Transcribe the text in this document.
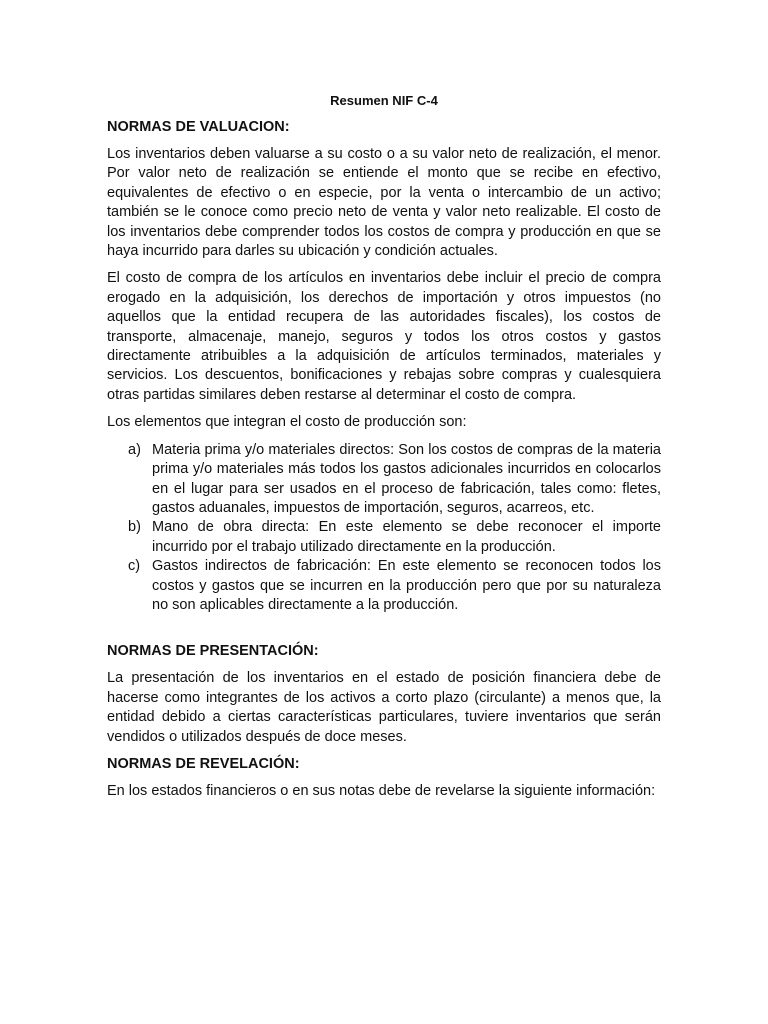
Resumen NIF C-4
NORMAS DE VALUACION:

Los inventarios deben valuarse a su costo o a su valor neto de realización, el menor. Por valor neto de realización se entiende el monto que se recibe en efectivo, equivalentes de efectivo o en especie, por la venta o intercambio de un activo; también se le conoce como precio neto de venta y valor neto realizable. El costo de los inventarios debe comprender todos los costos de compra y producción en que se haya incurrido para darles su ubicación y condición actuales.

El costo de compra de los artículos en inventarios debe incluir el precio de compra erogado en la adquisición, los derechos de importación y otros impuestos (no aquellos que la entidad recupera de las autoridades fiscales), los costos de transporte, almacenaje, manejo, seguros y todos los otros costos y gastos directamente atribuibles a la adquisición de artículos terminados, materiales y servicios. Los descuentos, bonificaciones y rebajas sobre compras y cualesquiera otras partidas similares deben restarse al determinar el costo de compra.

Los elementos que integran el costo de producción son:

a) Materia prima y/o materiales directos: Son los costos de compras de la materia prima y/o materiales más todos los gastos adicionales incurridos en colocarlos en el lugar para ser usados en el proceso de fabricación, tales como: fletes, gastos aduanales, impuestos de importación, seguros, acarreos, etc.
b) Mano de obra directa: En este elemento se debe reconocer el importe incurrido por el trabajo utilizado directamente en la producción.
c) Gastos indirectos de fabricación: En este elemento se reconocen todos los costos y gastos que se incurren en la producción pero que por su naturaleza no son aplicables directamente a la producción.
NORMAS DE PRESENTACIÓN:

La presentación de los inventarios en el estado de posición financiera debe de hacerse como integrantes de los activos a corto plazo (circulante) a menos que, la entidad debido a ciertas características particulares, tuviere inventarios que serán vendidos o utilizados después de doce meses.

NORMAS DE REVELACIÓN:

En los estados financieros o en sus notas debe de revelarse la siguiente información:
